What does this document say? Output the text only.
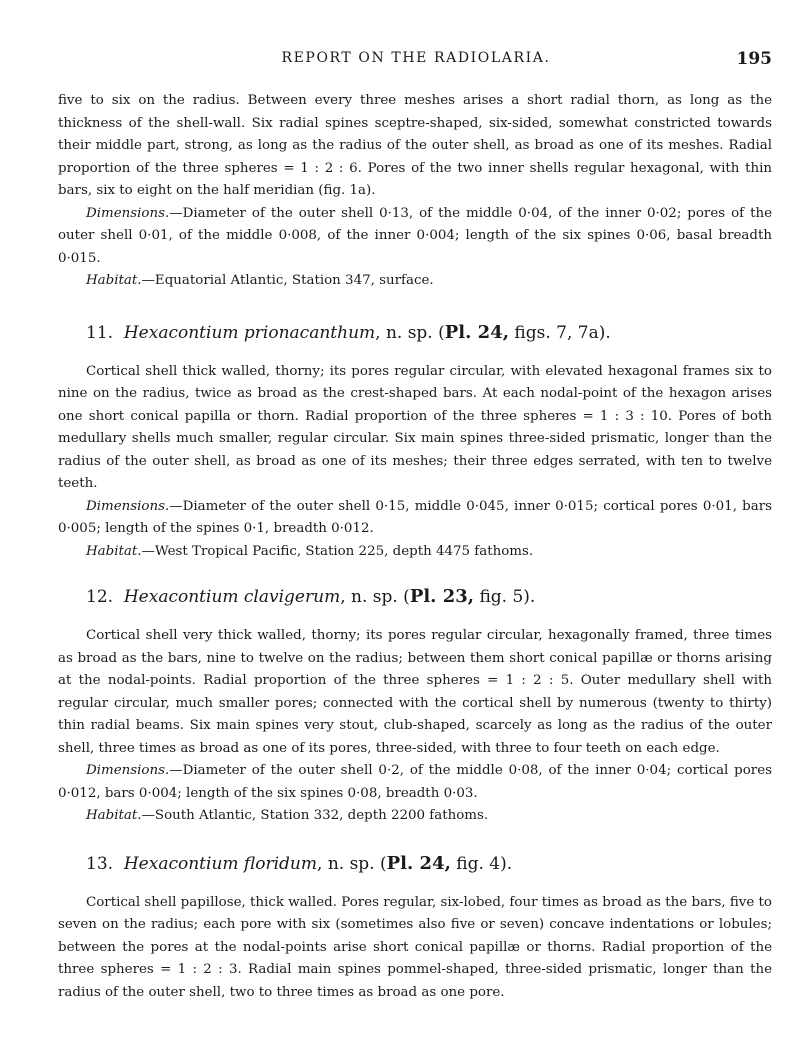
REPORT ON THE RADIOLARIA.	195

five to six on the radius. Between every three meshes arises a short radial thorn, as long as the thickness of the shell-wall. Six radial spines sceptre-shaped, six-sided, somewhat constricted towards their middle part, strong, as long as the radius of the outer shell, as broad as one of its meshes. Radial proportion of the three spheres = 1 : 2 : 6. Pores of the two inner shells regular hexagonal, with thin bars, six to eight on the half meridian (fig. 1a).

Dimensions.—Diameter of the outer shell 0·13, of the middle 0·04, of the inner 0·02; pores of the outer shell 0·01, of the middle 0·008, of the inner 0·004; length of the six spines 0·06, basal breadth 0·015.

Habitat.—Equatorial Atlantic, Station 347, surface.

11. Hexacontium prionacanthum, n. sp. (Pl. 24, figs. 7, 7a).

Cortical shell thick walled, thorny; its pores regular circular, with elevated hexagonal frames six to nine on the radius, twice as broad as the crest-shaped bars. At each nodal-point of the hexagon arises one short conical papilla or thorn. Radial proportion of the three spheres = 1 : 3 : 10. Pores of both medullary shells much smaller, regular circular. Six main spines three-sided prismatic, longer than the radius of the outer shell, as broad as one of its meshes; their three edges serrated, with ten to twelve teeth.

Dimensions.—Diameter of the outer shell 0·15, middle 0·045, inner 0·015; cortical pores 0·01, bars 0·005; length of the spines 0·1, breadth 0·012.

Habitat.—West Tropical Pacific, Station 225, depth 4475 fathoms.

12. Hexacontium clavigerum, n. sp. (Pl. 23, fig. 5).

Cortical shell very thick walled, thorny; its pores regular circular, hexagonally framed, three times as broad as the bars, nine to twelve on the radius; between them short conical papillæ or thorns arising at the nodal-points. Radial proportion of the three spheres = 1 : 2 : 5. Outer medullary shell with regular circular, much smaller pores; connected with the cortical shell by numerous (twenty to thirty) thin radial beams. Six main spines very stout, club-shaped, scarcely as long as the radius of the outer shell, three times as broad as one of its pores, three-sided, with three to four teeth on each edge.

Dimensions.—Diameter of the outer shell 0·2, of the middle 0·08, of the inner 0·04; cortical pores 0·012, bars 0·004; length of the six spines 0·08, breadth 0·03.

Habitat.—South Atlantic, Station 332, depth 2200 fathoms.

13. Hexacontium floridum, n. sp. (Pl. 24, fig. 4).

Cortical shell papillose, thick walled. Pores regular, six-lobed, four times as broad as the bars, five to seven on the radius; each pore with six (sometimes also five or seven) concave indentations or lobules; between the pores at the nodal-points arise short conical papillæ or thorns. Radial proportion of the three spheres = 1 : 2 : 3. Radial main spines pommel-shaped, three-sided prismatic, longer than the radius of the outer shell, two to three times as broad as one pore.
